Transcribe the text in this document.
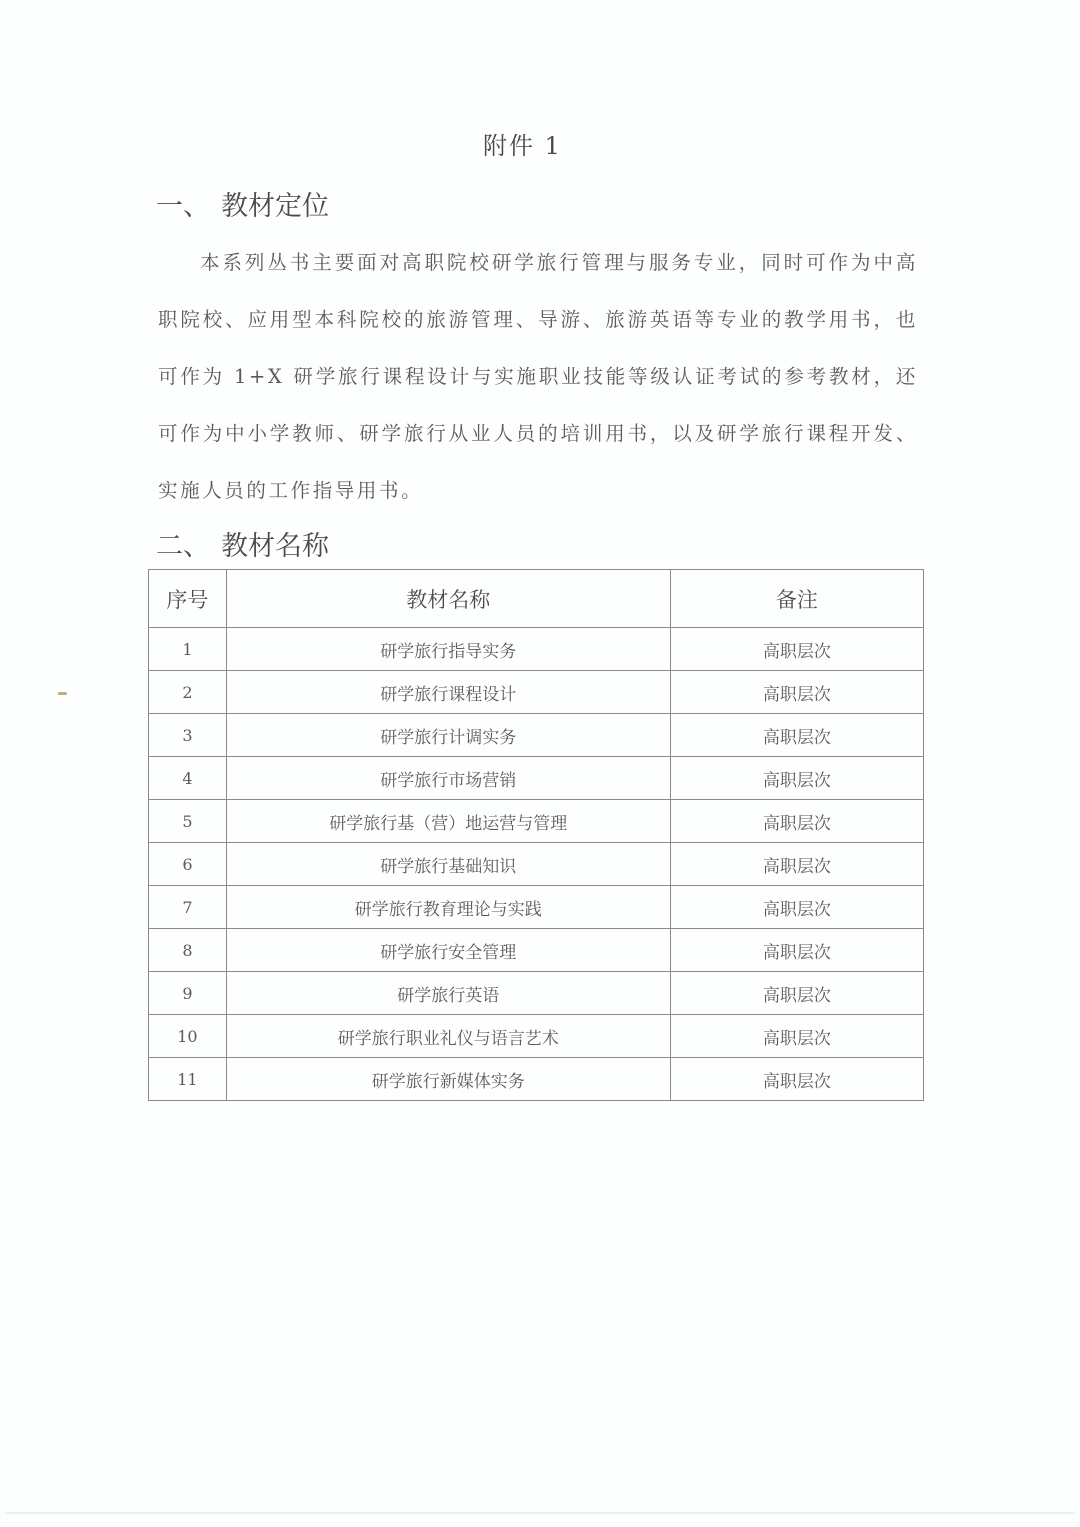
附件 1
一、 教材定位
本系列丛书主要面对高职院校研学旅行管理与服务专业，同时可作为中高职院校、应用型本科院校的旅游管理、导游、旅游英语等专业的教学用书，也可作为 1+X 研学旅行课程设计与实施职业技能等级认证考试的参考教材，还可作为中小学教师、研学旅行从业人员的培训用书，以及研学旅行课程开发、实施人员的工作指导用书。
二、 教材名称
序号	教材名称	备注
1	研学旅行指导实务	高职层次
2	研学旅行课程设计	高职层次
3	研学旅行计调实务	高职层次
4	研学旅行市场营销	高职层次
5	研学旅行基（营）地运营与管理	高职层次
6	研学旅行基础知识	高职层次
7	研学旅行教育理论与实践	高职层次
8	研学旅行安全管理	高职层次
9	研学旅行英语	高职层次
10	研学旅行职业礼仪与语言艺术	高职层次
11	研学旅行新媒体实务	高职层次
